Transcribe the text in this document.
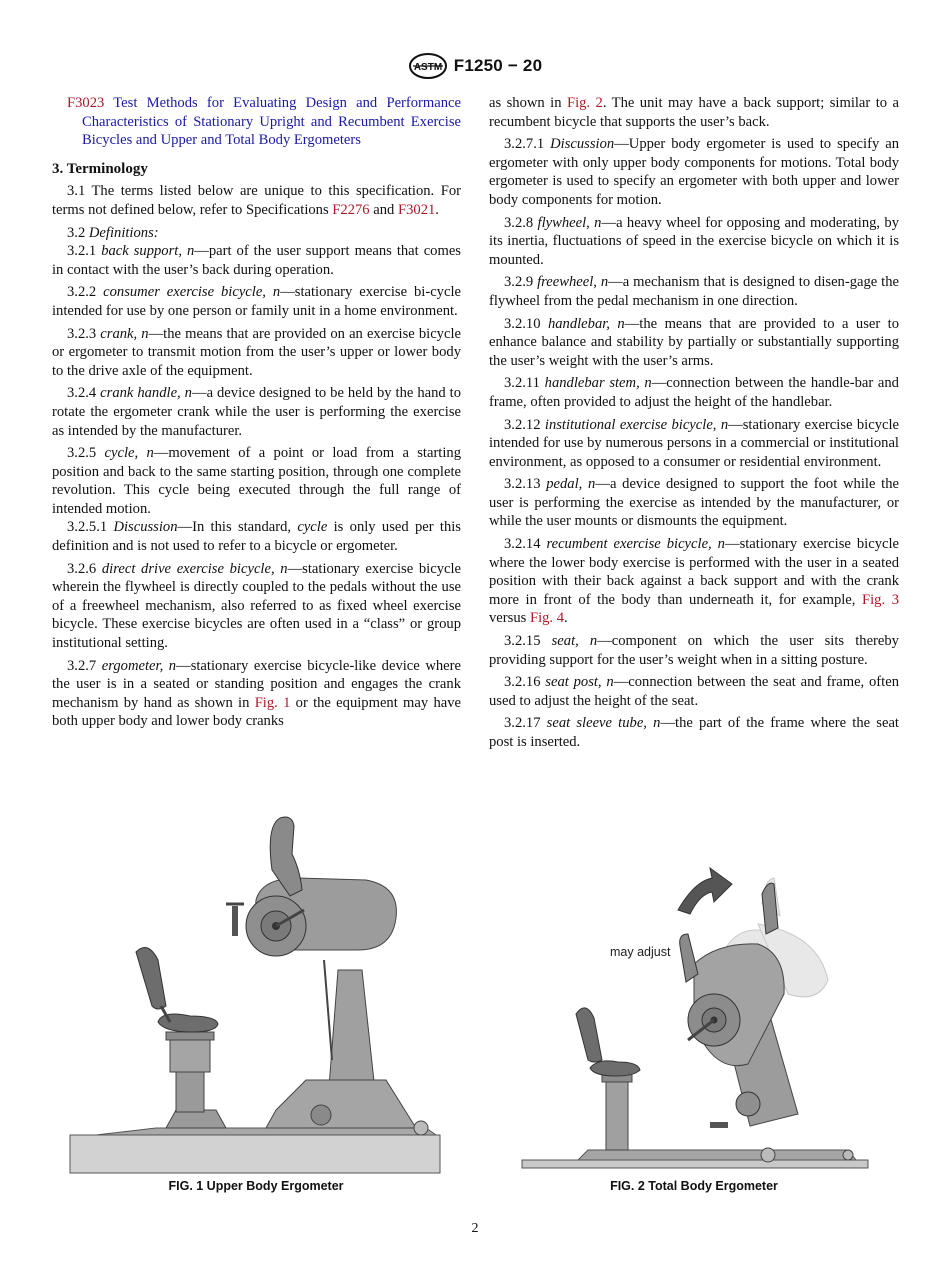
ASTM F1250 − 20

F3023 Test Methods for Evaluating Design and Performance Characteristics of Stationary Upright and Recumbent Exercise Bicycles and Upper and Total Body Ergometers

3. Terminology

3.1 The terms listed below are unique to this specification. For terms not defined below, refer to Specifications F2276 and F3021.

3.2 Definitions:

3.2.1 back support, n—part of the user support means that comes in contact with the user’s back during operation.

3.2.2 consumer exercise bicycle, n—stationary exercise bi-cycle intended for use by one person or family unit in a home environment.

3.2.3 crank, n—the means that are provided on an exercise bicycle or ergometer to transmit motion from the user’s upper or lower body to the drive axle of the equipment.

3.2.4 crank handle, n—a device designed to be held by the hand to rotate the ergometer crank while the user is performing the exercise as intended by the manufacturer.

3.2.5 cycle, n—movement of a point or load from a starting position and back to the same starting position, through one complete revolution. This cycle being executed through the full range of intended motion.

3.2.5.1 Discussion—In this standard, cycle is only used per this definition and is not used to refer to a bicycle or ergometer.

3.2.6 direct drive exercise bicycle, n—stationary exercise bicycle wherein the flywheel is directly coupled to the pedals without the use of a freewheel mechanism, also referred to as fixed wheel exercise bicycle. These exercise bicycles are often used in a “class” or group institutional setting.

3.2.7 ergometer, n—stationary exercise bicycle-like device where the user is in a seated or standing position and engages the crank mechanism by hand as shown in Fig. 1 or the equipment may have both upper body and lower body cranks

as shown in Fig. 2. The unit may have a back support; similar to a recumbent bicycle that supports the user’s back.

3.2.7.1 Discussion—Upper body ergometer is used to specify an ergometer with only upper body components for motions. Total body ergometer is used to specify an ergometer with both upper and lower body components for motion.

3.2.8 flywheel, n—a heavy wheel for opposing and moderating, by its inertia, fluctuations of speed in the exercise bicycle on which it is mounted.

3.2.9 freewheel, n—a mechanism that is designed to disen-gage the flywheel from the pedal mechanism in one direction.

3.2.10 handlebar, n—the means that are provided to a user to enhance balance and stability by partially or substantially supporting the user’s weight with the user’s arms.

3.2.11 handlebar stem, n—connection between the handle-bar and frame, often provided to adjust the height of the handlebar.

3.2.12 institutional exercise bicycle, n—stationary exercise bicycle intended for use by numerous persons in a commercial or institutional environment, as opposed to a consumer or residential environment.

3.2.13 pedal, n—a device designed to support the foot while the user is performing the exercise as intended by the manufacturer, or while the user mounts or dismounts the equipment.

3.2.14 recumbent exercise bicycle, n—stationary exercise bicycle where the lower body exercise is performed with the user in a seated position with their back against a back support and with the crank more in front of the body than underneath it, for example, Fig. 3 versus Fig. 4.

3.2.15 seat, n—component on which the user sits thereby providing support for the user’s weight when in a sitting posture.

3.2.16 seat post, n—connection between the seat and frame, often used to adjust the height of the seat.

3.2.17 seat sleeve tube, n—the part of the frame where the seat post is inserted.

FIG. 1 Upper Body Ergometer
may adjust
FIG. 2 Total Body Ergometer
2
